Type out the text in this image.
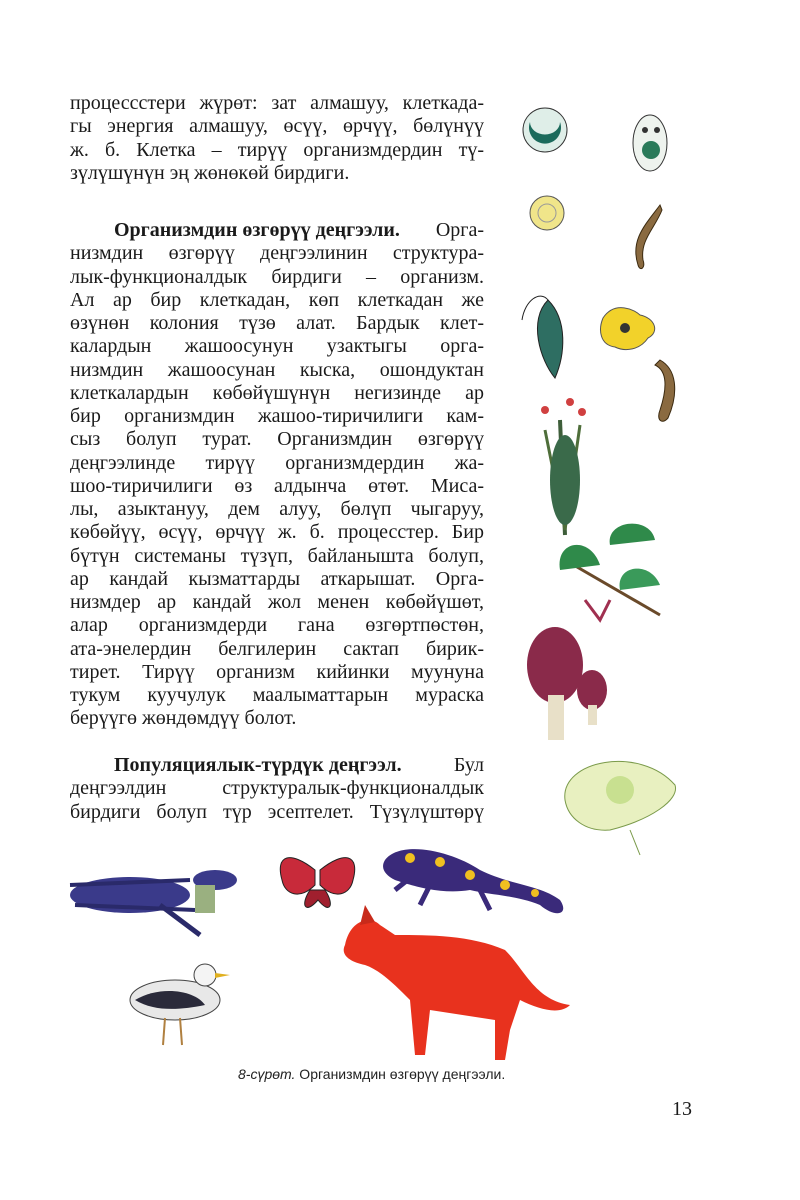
процессстери жүрөт: зат алмашуу, клеткада-
гы энергия алмашуу, өсүү, өрчүү, бөлүнүү
ж. б. Клетка – тирүү организмдердин тү-
зүлүшүнүн эң жөнөкөй бирдиги.
Организмдин өзгөрүү деңгээли. Орга-
низмдин өзгөрүү деңгээлинин структура-
лык-функционалдык бирдиги – организм.
Ал ар бир клеткадан, көп клеткадан же
өзүнөн колония түзө алат. Бардык клет-
калардын жашоосунун узактыгы орга-
низмдин жашоосунан кыска, ошондуктан
клеткалардын көбөйүшүнүн негизинде ар
бир организмдин жашоо-тиричилиги кам-
сыз болуп турат. Организмдин өзгөрүү
деңгээлинде тирүү организмдердин жа-
шоо-тиричилиги өз алдынча өтөт. Миса-
лы, азыктануу, дем алуу, бөлүп чыгаруу,
көбөйүү, өсүү, өрчүү ж. б. процесстер. Бир
бүтүн системаны түзүп, байланышта болуп,
ар кандай кызматтарды аткарышат. Орга-
низмдер ар кандай жол менен көбөйүшөт,
алар организмдерди гана өзгөртпөстөн,
ата-энелердин белгилерин сактап бирик-
тирет. Тирүү организм кийинки муунуна
тукум куучулук маалыматтарын мураска
берүүгө жөндөмдүү болот.
Популяциялык-түрдүк деңгээл.	Бул
деңгээлдин структуралык-функционалдык
бирдиги болуп түр эсептелет. Түзүлүштөрү
8-сүрөт. Организмдин өзгөрүү деңгээли.
13
